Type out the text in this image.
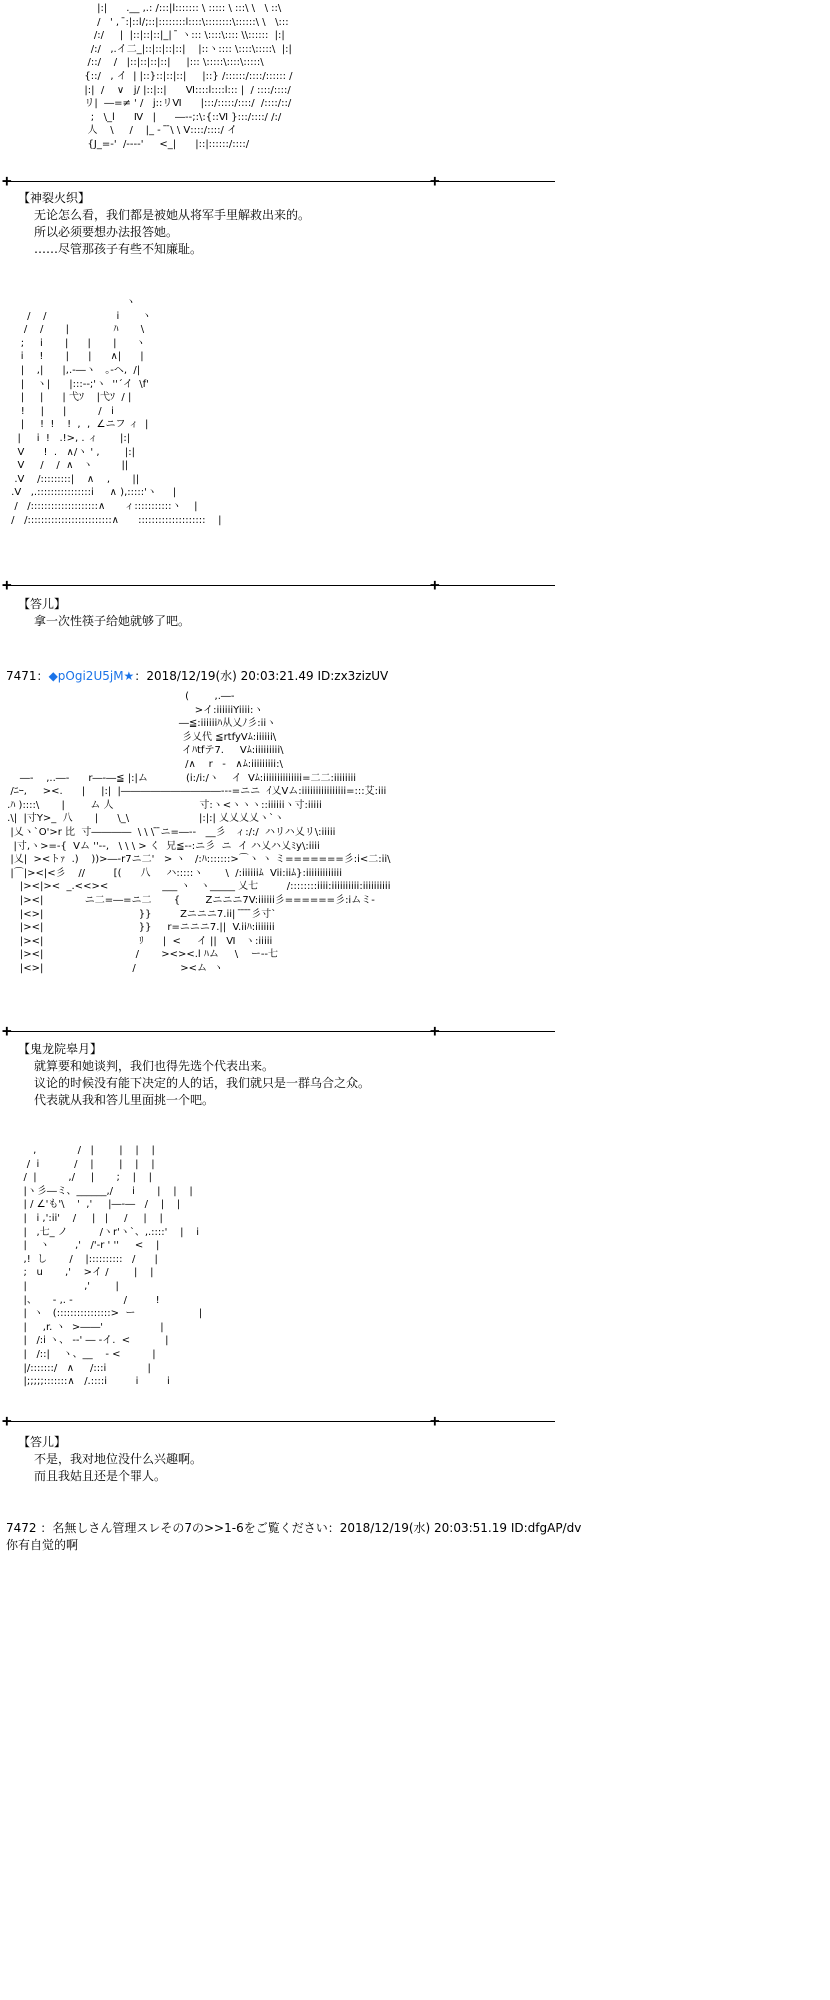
|:|      .__ ,.: /:::|l::::::: \ ::::: \ :::\ \   \ ::\
/   ' ,  ̄:|::l/;::|::::::::l::::\::::::::\::::::\ \   \:::
/:/     |  |::|::|::|_|  ̄ ヽ::: \::::\:::: \\::::::  |:|
/:/   ,.イ二_|::|::|::|::|    |::ヽ:::: \::::\:::::\  |:|
/::/    /   |::|::|::|::|     |::: \:::::\::::\:::::\
{::/   , イ  | |::}::|::|::|     |::} /::::::/::::/:::::: /
|:|  /    ∨   j/ |::|::|      Ⅵ::::l::::l::: |  / ::::/::::/
リ|  ―=≠ ' /   j::リⅥ      |:::/:::::/::::/  /::::/::/
;   \_l      Ⅳ   |      ―--;:\:{::Ⅵ }:::/::::/ /:/
人    \     /    |_ -  ̄ ̄\ \ Ⅴ::::/::::/ イ
{J_=-'  /----'     <_|      |::|::::::/::::/
+	+
【神裂火织】
无论怎么看，我们都是被她从将军手里解救出来的。
所以必须要想办法报答她。
……尽管那孩子有些不知廉耻。
ヽ
/    /                      i       ヽ
/    /       |              ﾊ       \
;     i       |      |       |      ヽ
i     !       |      |      ∧|      |
|    ,|      |,.-―ヽ   ｡-ヘ,  /|
|    ヽ|      |:::--;'ヽ  ''´イ  \f'
|     |      | 弋ｿ    |弋ｿ  / |
!     |      |          /   i
|     !  !    !  ,  ,  ∠ニフ ィ  |
|     i  !   .!>, . ィ       |:|
V      !  .   ∧/ヽ ' ,        |:|
V     /    /  ∧   ヽ         ||
.V    /:::::::::|    ∧    ,       ||
.V   ,.::::::::::::::::i     ∧ ),:::::'ヽ     |
/   /::::::::::::::::::::∧      ィ:::::::::::ヽ    |
/   /:::::::::::::::::::::::::∧      ::::::::::::::::::::    |
+	+
【答儿】
拿一次性筷子给她就够了吧。
7471：◆pOgi2U5jM★：2018/12/19(水) 20:03:21.49 ID:zx3zizUV
(        ,.―-
>イ:iiiiiiYiiii:ヽ
―≦:iiiiiiﾊ从乂ﾉ彡:iiヽ
彡乂代 ≦rtfyVﾑ:iiiiii\
イﾊtfテ7.     Vﾑ:iiiiiiiii\
/∧    r   -   ∧ﾑ:iiiiiiiii:\
―-    ,..―-      r―-―≦ |:|ム            (i:/i:/ヽ    イ  Vﾑ:iiiiiiiiiiiiii=二二:iiiiiiii
/ﾆｰ,     ><.      |     |:|  |――――――――――---=ニニ  ｲ乂Vム:iiiiiiiiiiiiiiii=:::艾:iii
.ﾊ )::::\       |        ム 人                           寸:ヽ<ヽヽヽ::iiiiiiヽ寸:iiiii
.\|  |寸Y>_  八       |      \_\                      |:|:| 乂乂乂乂ヽ`ヽ
|乂ヽ`O'>r 比  寸――――  \ \ \ ̄ ̄ニ=―--   __彡   ィ:/:/  ハリハ乂リ\:iiiii
|寸,ヽ>=-{  Vム ''--,   \ \ \ > く  兄≦--:ニ彡  ニ  イ ハ乂ハ乂ﾐy\:iiii
|乂|  ><トｧ  .)    ))>―-r7ニ二'   > ヽ   /:ﾊ:::::::>⌒ヽ ヽ ミ=======彡:i<二:ii\
|⌒|><|<彡    //         [(      八     ハ:::::ヽ       \  /:iiiiiiﾑ  Vii:iiﾑ}:iiiiiiiiiiiii
|><|><  _.<<><                 ___ ヽ   ヽ_____ 乂七         /::::::::iiii:iiiiiiiiii:iiiiiiiiii
|><|             ニ二=―=ニ二       {        Zニニニ7V:iiiiii彡======彡:iムミ-
|<>|                              }}         Zニニニ7.ii|  ̄ ̄ ̄ ̄彡寸`
|><|                              }}     r=ニニニ7.||  V.iiﾊ:iiiiiii
|><|                              ﾘ      |  <     イ ||   Ⅵ   ヽ:iiiii
|><|                             /       ><><.l ﾊム     \    ー--七
|<>|                            /              ><ム  ヽ
+	+
【鬼龙院皋月】
就算要和她谈判，我们也得先选个代表出来。
议论的时候没有能下决定的人的话，我们就只是一群乌合之众。
代表就从我和答儿里面挑一个吧。
,             /   |        |    |    |
/  i           /    |        |    |    |
/  |          ,/     |       ;    |    |
|ヽ彡―ミ、______,/      i       |    |    |
| / ∠'も'\    '  ,'     |―-―   /    |    |
|   i ,':ii'    /     |   |     /     |    |
|   ,七_ ノ          /ヽr'ヽ`、,.::::'    |    i
|    ヽ        ,'   /'-r ' ''     <    |
,!  し       /    |::::::::::   /      |
;   u       ,'    >イ /        |    |
|                  ,'        |
|、     - ,. -                /         !
|  ヽ   (::::::::::::::::>  ー                    |
|     ,r. ヽ  >――'                  |
|   /:i ヽ、 --' ― -イ.  <           |
|   /::|    ヽ、__    - <          |
|/:::::::/   ∧     /:::i             |
|;;;;;:::::::∧   /.::::i         i         i
+	+
【答儿】
不是，我对地位没什么兴趣啊。
而且我姑且还是个罪人。
7472 ：名無しさん管理スレその7の>>1-6をご覧ください：2018/12/19(水) 20:03:51.19 ID:dfgAP/dv
你有自觉的啊
